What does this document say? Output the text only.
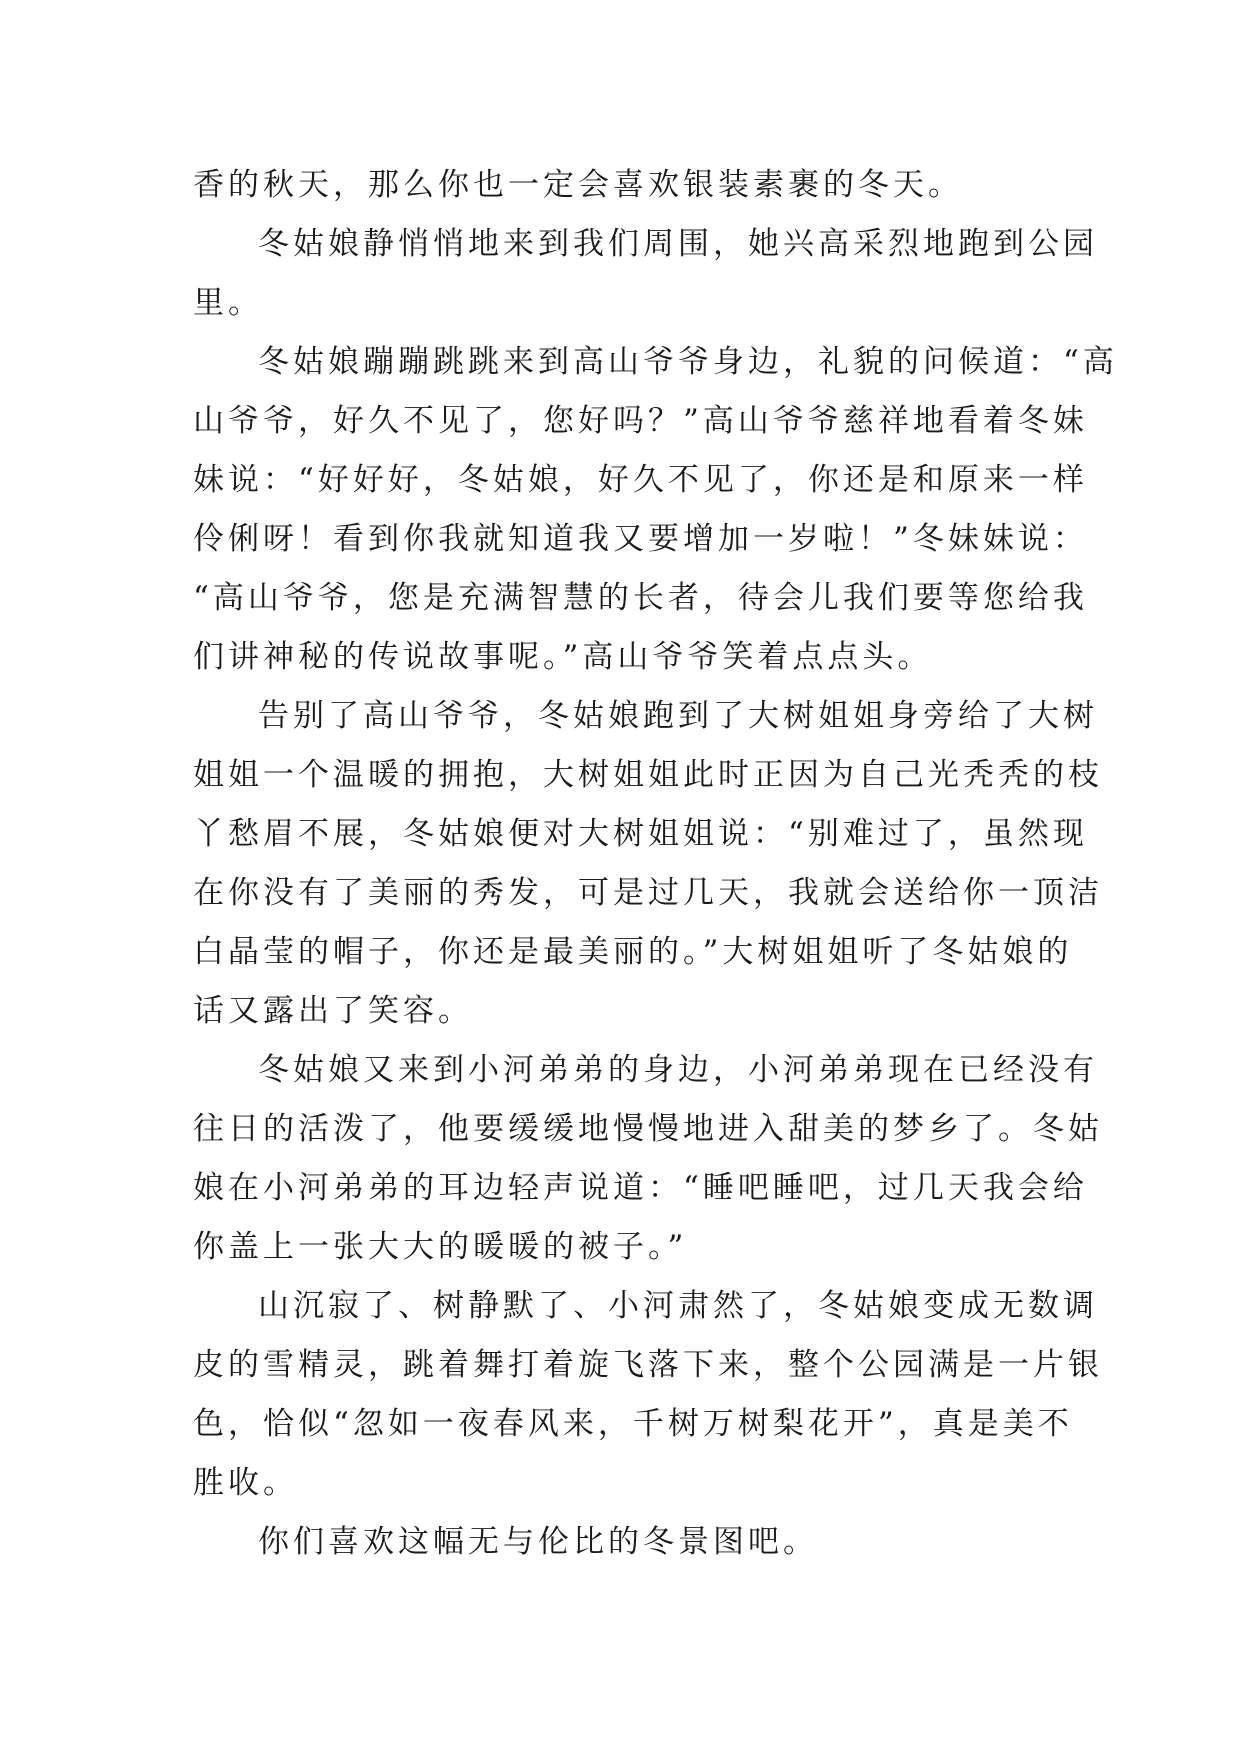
香的秋天，那么你也一定会喜欢银装素裹的冬天。
冬姑娘静悄悄地来到我们周围，她兴高采烈地跑到公园
里。
冬姑娘蹦蹦跳跳来到高山爷爷身边，礼貌的问候道：“高
山爷爷，好久不见了，您好吗？”高山爷爷慈祥地看着冬妹
妹说：“好好好，冬姑娘，好久不见了，你还是和原来一样
伶俐呀！看到你我就知道我又要增加一岁啦！”冬妹妹说：
“高山爷爷，您是充满智慧的长者，待会儿我们要等您给我
们讲神秘的传说故事呢。”高山爷爷笑着点点头。
告别了高山爷爷，冬姑娘跑到了大树姐姐身旁给了大树
姐姐一个温暖的拥抱，大树姐姐此时正因为自己光秃秃的枝
丫愁眉不展，冬姑娘便对大树姐姐说：“别难过了，虽然现
在你没有了美丽的秀发，可是过几天，我就会送给你一顶洁
白晶莹的帽子，你还是最美丽的。”大树姐姐听了冬姑娘的
话又露出了笑容。
冬姑娘又来到小河弟弟的身边，小河弟弟现在已经没有
往日的活泼了，他要缓缓地慢慢地进入甜美的梦乡了。冬姑
娘在小河弟弟的耳边轻声说道：“睡吧睡吧，过几天我会给
你盖上一张大大的暖暖的被子。”
山沉寂了、树静默了、小河肃然了，冬姑娘变成无数调
皮的雪精灵，跳着舞打着旋飞落下来，整个公园满是一片银
色，恰似“忽如一夜春风来，千树万树梨花开”，真是美不
胜收。
你们喜欢这幅无与伦比的冬景图吧。
